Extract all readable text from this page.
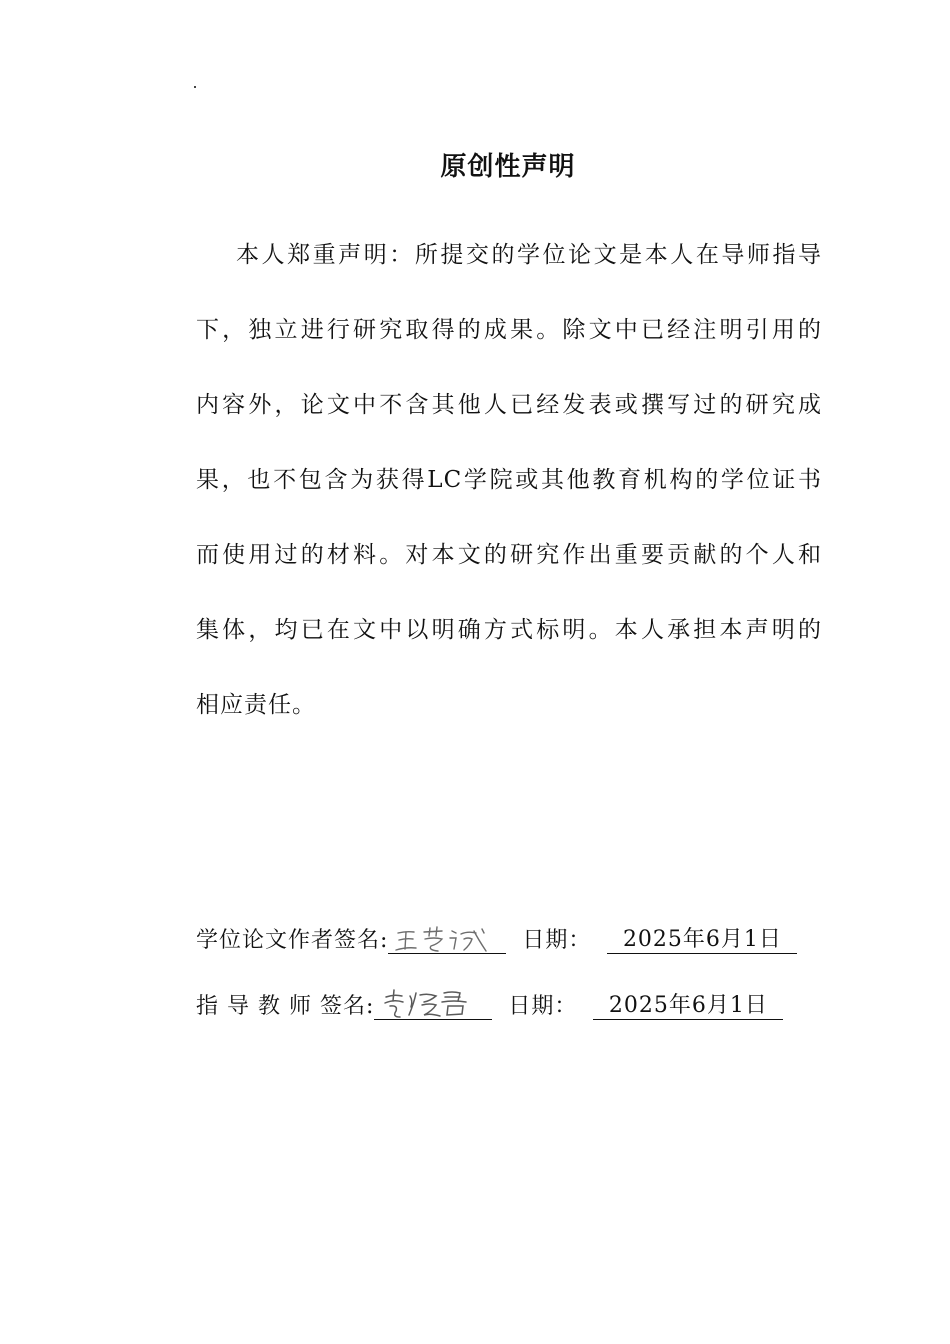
原创性声明
本人郑重声明：所提交的学位论文是本人在导师指导
下，独立进行研究取得的成果。除文中已经注明引用的
内容外，论文中不含其他人已经发表或撰写过的研究成
果，也不包含为获得LC学院或其他教育机构的学位证书
而使用过的材料。对本文的研究作出重要贡献的个人和
集体，均已在文中以明确方式标明。本人承担本声明的
相应责任。
学位论文作者签名:	日期：	2025年6月1日
指 导 教 师 签名:	日期：	2025年6月1日
